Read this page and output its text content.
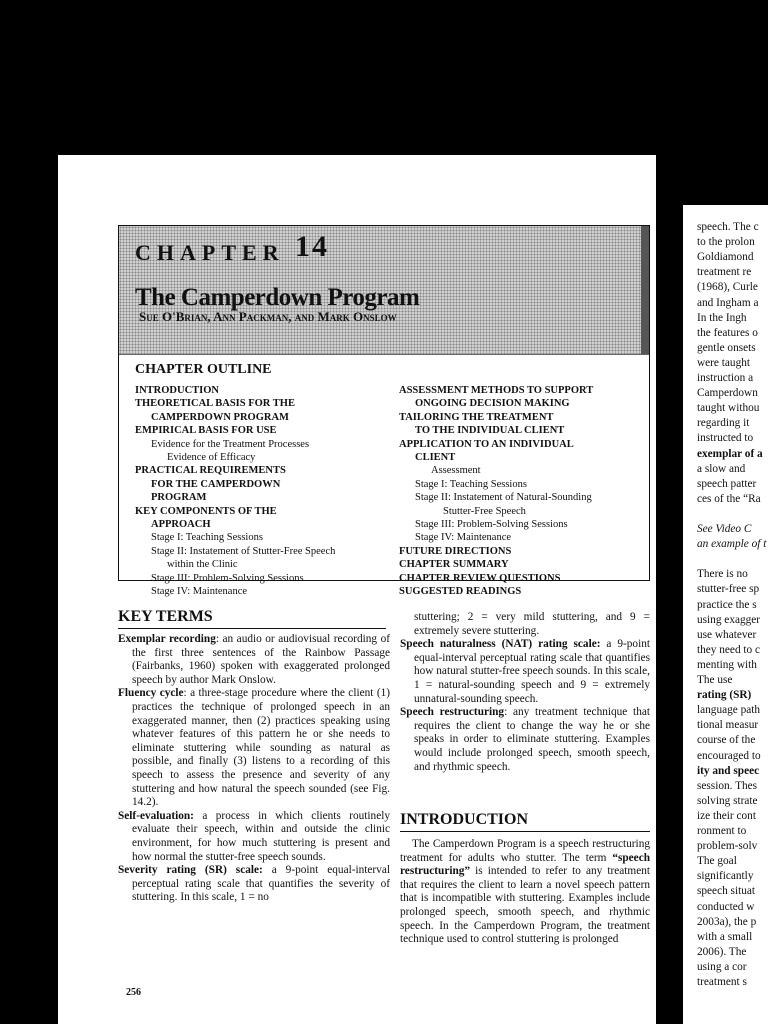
CHAPTER 14
The Camperdown Program
Sue O'Brian, Ann Packman, and Mark Onslow
CHAPTER OUTLINE
INTRODUCTION
THEORETICAL BASIS FOR THE
CAMPERDOWN PROGRAM
EMPIRICAL BASIS FOR USE
Evidence for the Treatment Processes
Evidence of Efficacy
PRACTICAL REQUIREMENTS
FOR THE CAMPERDOWN
PROGRAM
KEY COMPONENTS OF THE
APPROACH
Stage I: Teaching Sessions
Stage II: Instatement of Stutter-Free Speech
within the Clinic
Stage III: Problem-Solving Sessions
Stage IV: Maintenance
ASSESSMENT METHODS TO SUPPORT
ONGOING DECISION MAKING
TAILORING THE TREATMENT
TO THE INDIVIDUAL CLIENT
APPLICATION TO AN INDIVIDUAL
CLIENT
Assessment
Stage I: Teaching Sessions
Stage II: Instatement of Natural-Sounding
Stutter-Free Speech
Stage III: Problem-Solving Sessions
Stage IV: Maintenance
FUTURE DIRECTIONS
CHAPTER SUMMARY
CHAPTER REVIEW QUESTIONS
SUGGESTED READINGS
KEY TERMS

Exemplar recording: an audio or audiovisual recording of the first three sentences of the Rainbow Passage (Fairbanks, 1960) spoken with exaggerated prolonged speech by author Mark Onslow.

Fluency cycle: a three-stage procedure where the client (1) practices the technique of prolonged speech in an exaggerated manner, then (2) practices speaking using whatever features of this pattern he or she needs to eliminate stuttering while sounding as natural as possible, and finally (3) listens to a recording of this speech to assess the presence and severity of any stuttering and how natural the speech sounded (see Fig. 14.2).

Self-evaluation: a process in which clients routinely evaluate their speech, within and outside the clinic environment, for how much stuttering is present and how normal the stutter-free speech sounds.

Severity rating (SR) scale: a 9-point equal-interval perceptual rating scale that quantifies the severity of stuttering. In this scale, 1 = no

stuttering; 2 = very mild stuttering, and 9 = extremely severe stuttering.

Speech naturalness (NAT) rating scale: a 9-point equal-interval perceptual rating scale that quantifies how natural stutter-free speech sounds. In this scale, 1 = natural-sounding speech and 9 = extremely unnatural-sounding speech.

Speech restructuring: any treatment technique that requires the client to change the way he or she speaks in order to eliminate stuttering. Examples would include prolonged speech, smooth speech, and rhythmic speech.

INTRODUCTION

The Camperdown Program is a speech restructuring treatment for adults who stutter. The term “speech restructuring” is intended to refer to any treatment that requires the client to learn a novel speech pattern that is incompatible with stuttering. Examples include prolonged speech, smooth speech, and rhythmic speech. In the Camperdown Program, the treatment technique used to control stuttering is prolonged

256
speech. The c
to the prolon
Goldiamond
treatment re
(1968), Curle
and Ingham a
In the Ingh
the features o
gentle onsets
were taught
instruction a
Camperdown
taught withou
regarding it
instructed to
exemplar of a
a slow and
speech patter
ces of the “Ra
See Video C
an example of t
There is no
stutter-free sp
practice the s
using exagger
use whatever
they need to c
menting with
The use
rating (SR)
language path
tional measur
course of the
encouraged to
ity and speec
session. Thes
solving strate
ize their cont
ronment to
problem-solv
The goal
significantly
speech situat
conducted w
2003a), the p
with a small
2006). The
using a cor
treatment s
